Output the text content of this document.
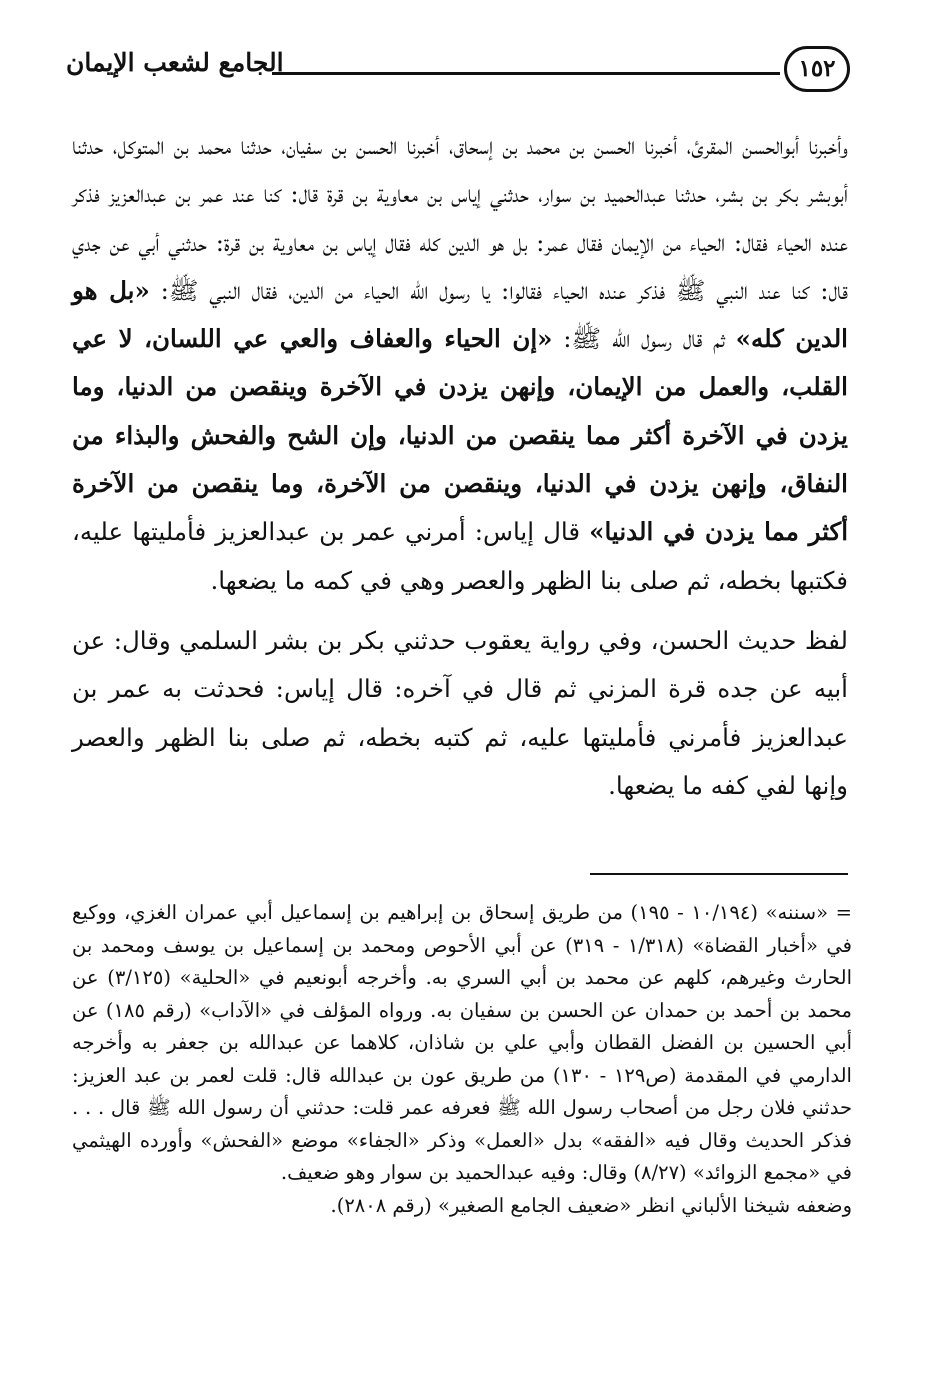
الجامع لشعب الإيمان	١٥٢

وأخبرنا أبوالحسن المقرئ، أخبرنا الحسن بن محمد بن إسحاق، أخبرنا الحسن بن سفيان، حدثنا محمد بن المتوكل، حدثنا أبوبشر بكر بن بشر، حدثنا عبدالحميد بن سوار، حدثني إياس بن معاوية بن قرة قال: كنا عند عمر بن عبدالعزيز فذكر عنده الحياء فقال: الحياء من الإيمان فقال عمر: بل هو الدين كله فقال إياس بن معاوية بن قرة: حدثني أبي عن جدي قال: كنا عند النبي ﷺ فذكر عنده الحياء فقالوا: يا رسول الله الحياء من الدين، فقال النبي ﷺ: «بل هو الدين كله» ثم قال رسول الله ﷺ: «إن الحياء والعفاف والعي عي اللسان، لا عي القلب، والعمل من الإيمان، وإنهن يزدن في الآخرة وينقصن من الدنيا، وما يزدن في الآخرة أكثر مما ينقصن من الدنيا، وإن الشح والفحش والبذاء من النفاق، وإنهن يزدن في الدنيا، وينقصن من الآخرة، وما ينقصن من الآخرة أكثر مما يزدن في الدنيا» قال إياس: أمرني عمر بن عبدالعزيز فأمليتها عليه، فكتبها بخطه، ثم صلى بنا الظهر والعصر وهي في كمه ما يضعها.

لفظ حديث الحسن، وفي رواية يعقوب حدثني بكر بن بشر السلمي وقال: عن أبيه عن جده قرة المزني ثم قال في آخره: قال إياس: فحدثت به عمر بن عبدالعزيز فأمرني فأمليتها عليه، ثم كتبه بخطه، ثم صلى بنا الظهر والعصر وإنها لفي كفه ما يضعها.

= «سننه» (١٠/١٩٤ - ١٩٥) من طريق إسحاق بن إبراهيم بن إسماعيل أبي عمران الغزي، ووكيع في «أخبار القضاة» (١/٣١٨ - ٣١٩) عن أبي الأحوص ومحمد بن إسماعيل بن يوسف ومحمد بن الحارث وغيرهم، كلهم عن محمد بن أبي السري به. وأخرجه أبونعيم في «الحلية» (٣/١٢٥) عن محمد بن أحمد بن حمدان عن الحسن بن سفيان به. ورواه المؤلف في «الآداب» (رقم ١٨٥) عن أبي الحسين بن الفضل القطان وأبي علي بن شاذان، كلاهما عن عبدالله بن جعفر به وأخرجه الدارمي في المقدمة (ص١٢٩ - ١٣٠) من طريق عون بن عبدالله قال: قلت لعمر بن عبد العزيز: حدثني فلان رجل من أصحاب رسول الله ﷺ فعرفه عمر قلت: حدثني أن رسول الله ﷺ قال . . . فذكر الحديث وقال فيه «الفقه» بدل «العمل» وذكر «الجفاء» موضع «الفحش» وأورده الهيثمي في «مجمع الزوائد» (٨/٢٧) وقال: وفيه عبدالحميد بن سوار وهو ضعيف.

وضعفه شيخنا الألباني انظر «ضعيف الجامع الصغير» (رقم ٢٨٠٨).
